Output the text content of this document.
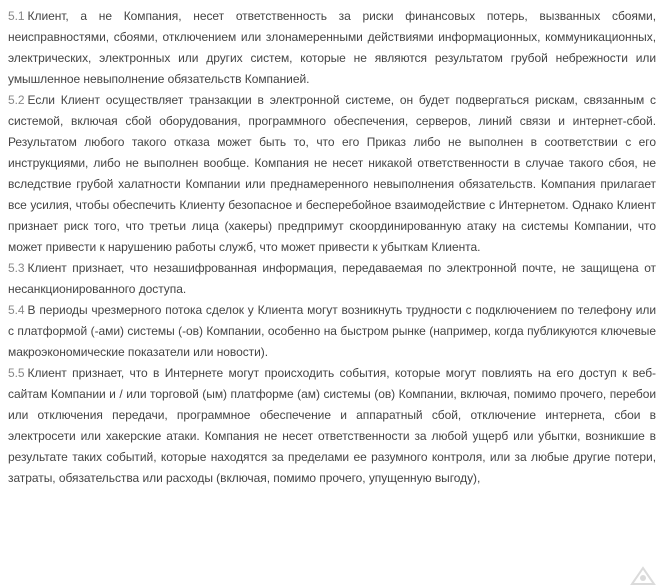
5.1 Клиент, а не Компания, несет ответственность за риски финансовых потерь, вызванных сбоями, неисправностями, сбоями, отключением или злонамеренными действиями информационных, коммуникационных, электрических, электронных или других систем, которые не являются результатом грубой небрежности или умышленное невыполнение обязательств Компанией.

5.2 Если Клиент осуществляет транзакции в электронной системе, он будет подвергаться рискам, связанным с системой, включая сбой оборудования, программного обеспечения, серверов, линий связи и интернет-сбой. Результатом любого такого отказа может быть то, что его Приказ либо не выполнен в соответствии с его инструкциями, либо не выполнен вообще. Компания не несет никакой ответственности в случае такого сбоя, не вследствие грубой халатности Компании или преднамеренного невыполнения обязательств. Компания прилагает все усилия, чтобы обеспечить Клиенту безопасное и бесперебойное взаимодействие с Интернетом. Однако Клиент признает риск того, что третьи лица (хакеры) предпримут скоординированную атаку на системы Компании, что может привести к нарушению работы служб, что может привести к убыткам Клиента.

5.3 Клиент признает, что незашифрованная информация, передаваемая по электронной почте, не защищена от несанкционированного доступа.

5.4 В периоды чрезмерного потока сделок у Клиента могут возникнуть трудности с подключением по телефону или с платформой (-ами) системы (-ов) Компании, особенно на быстром рынке (например, когда публикуются ключевые макроэкономические показатели или новости).

5.5 Клиент признает, что в Интернете могут происходить события, которые могут повлиять на его доступ к веб-сайтам Компании и / или торговой (ым) платформе (ам) системы (ов) Компании, включая, помимо прочего, перебои или отключения передачи, программное обеспечение и аппаратный сбой, отключение интернета, сбои в электросети или хакерские атаки. Компания не несет ответственности за любой ущерб или убытки, возникшие в результате таких событий, которые находятся за пределами ее разумного контроля, или за любые другие потери, затраты, обязательства или расходы (включая, помимо прочего, упущенную выгоду),
